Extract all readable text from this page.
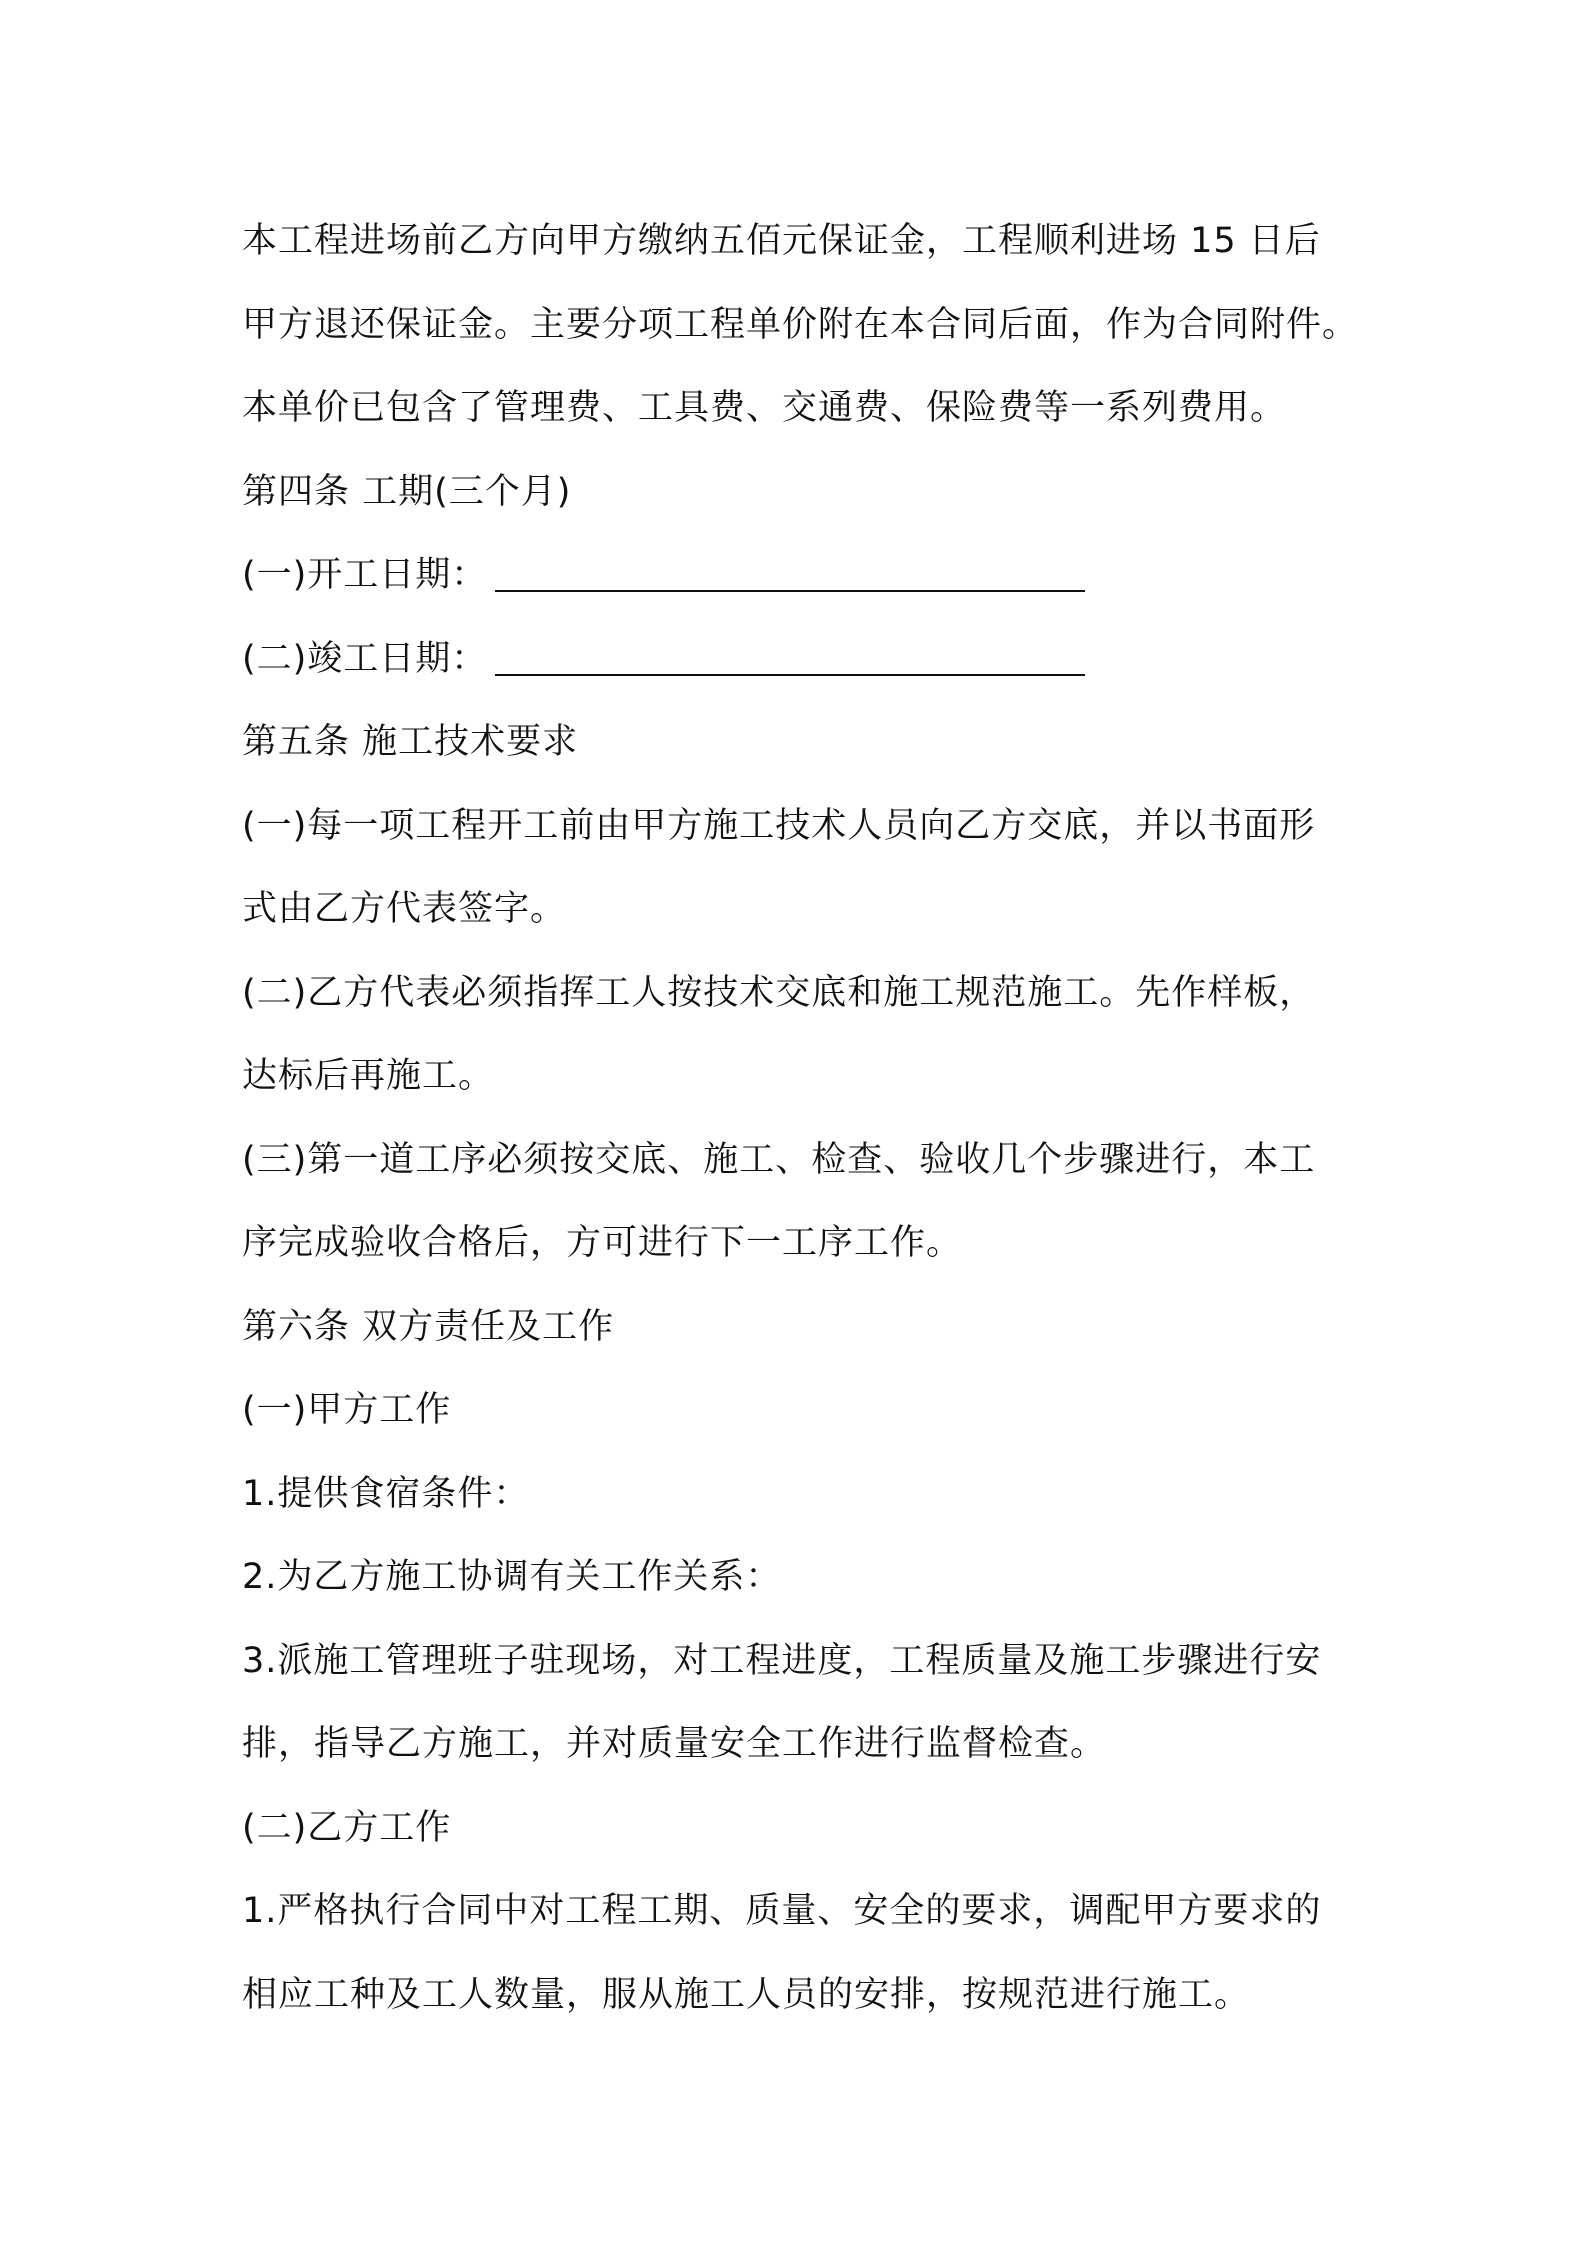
本工程进场前乙方向甲方缴纳五佰元保证金，工程顺利进场 15 日后
甲方退还保证金。主要分项工程单价附在本合同后面，作为合同附件。
本单价已包含了管理费、工具费、交通费、保险费等一系列费用。
第四条 工期(三个月)
(一)开工日期：
(二)竣工日期：
第五条 施工技术要求
(一)每一项工程开工前由甲方施工技术人员向乙方交底，并以书面形
式由乙方代表签字。
(二)乙方代表必须指挥工人按技术交底和施工规范施工。先作样板，
达标后再施工。
(三)第一道工序必须按交底、施工、检查、验收几个步骤进行，本工
序完成验收合格后，方可进行下一工序工作。
第六条 双方责任及工作
(一)甲方工作
1.提供食宿条件：
2.为乙方施工协调有关工作关系：
3.派施工管理班子驻现场，对工程进度，工程质量及施工步骤进行安
排，指导乙方施工，并对质量安全工作进行监督检查。
(二)乙方工作
1.严格执行合同中对工程工期、质量、安全的要求，调配甲方要求的
相应工种及工人数量，服从施工人员的安排，按规范进行施工。
